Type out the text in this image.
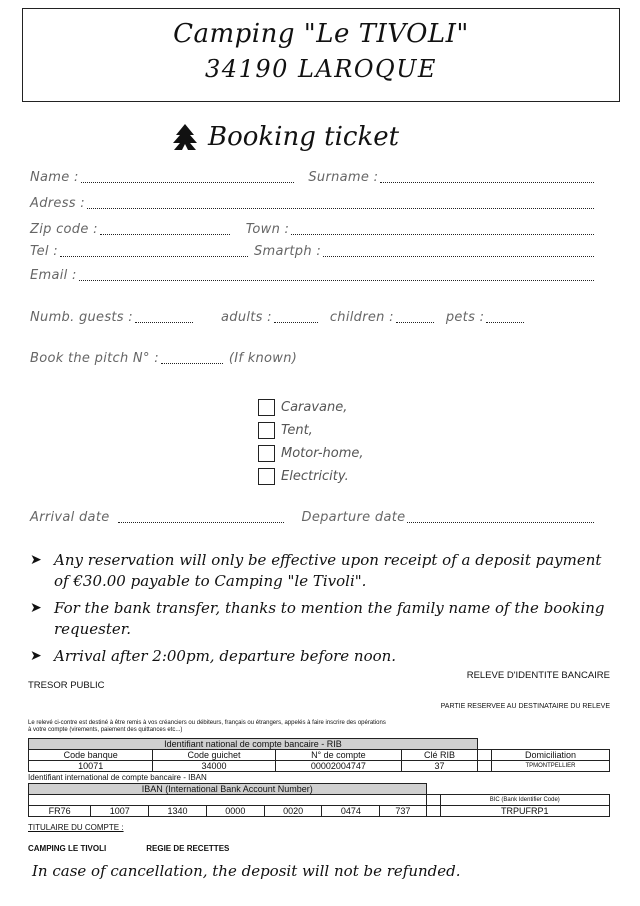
Camping "Le TIVOLI"
34190 LAROQUE
Booking ticket
Name :	Surname :
Adress :
Zip code :	Town :
Tel :	Smartph :
Email :
Numb. guests :	adults :	children :	pets :
Book the pitch N° :	(If known)
Caravane,
Tent,
Motor-home,
Electricity.
Arrival date	Departure date
➤ Any reservation will only be effective upon receipt of a deposit payment of €30.00 payable to Camping "le Tivoli".
➤ For the bank transfer, thanks to mention the family name of the booking requester.
➤ Arrival after 2:00pm, departure before noon.
TRESOR PUBLIC
RELEVE D'IDENTITE BANCAIRE
PARTIE RESERVEE AU DESTINATAIRE DU RELEVE
Le relevé ci-contre est destiné à être remis à vos créanciers ou débiteurs, français ou étrangers, appelés à faire inscrire des opérations à votre compte (virements, paiement des quittances etc...)
Identifiant national de compte bancaire - RIB					
Code banque	Code guichet	N° de compte	Clé RIB		Domiciliation
10071	34000	00002004747	37		TPMONTPELLIER
Identifiant international de compte bancaire - IBAN
IBAN (International Bank Account Number)								
								BIC (Bank Identifier Code)
FR76	1007	1340	0000	0020	0474	737		TRPUFRP1
TITULAIRE DU COMPTE :
CAMPING LE TIVOLI	REGIE DE RECETTES
In case of cancellation, the deposit will not be refunded.
